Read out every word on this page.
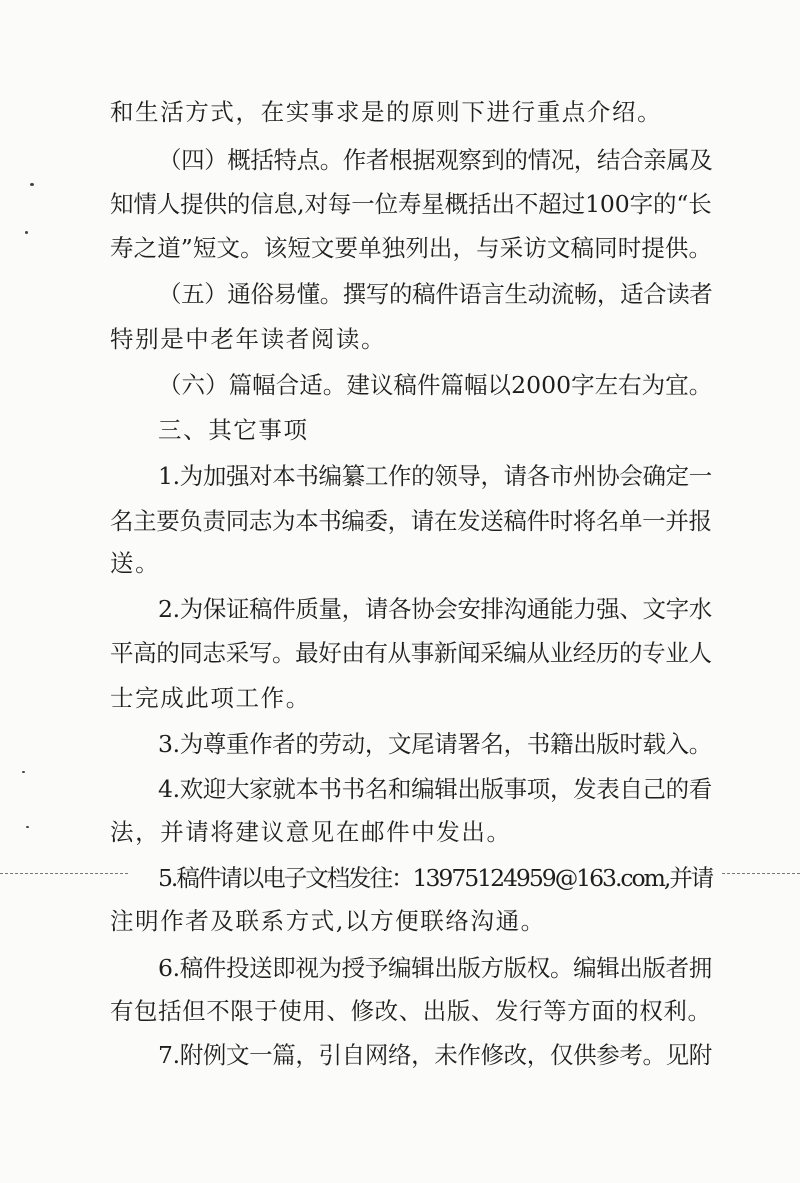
和生活方式，在实事求是的原则下进行重点介绍。
（四）概括特点。作者根据观察到的情况，结合亲属及
知情人提供的信息,对每一位寿星概括出不超过100字的“长
寿之道”短文。该短文要单独列出，与采访文稿同时提供。
（五）通俗易懂。撰写的稿件语言生动流畅，适合读者
特别是中老年读者阅读。
（六）篇幅合适。建议稿件篇幅以2000字左右为宜。
三、其它事项
1.为加强对本书编纂工作的领导，请各市州协会确定一
名主要负责同志为本书编委，请在发送稿件时将名单一并报
送。
2.为保证稿件质量，请各协会安排沟通能力强、文字水
平高的同志采写。最好由有从事新闻采编从业经历的专业人
士完成此项工作。
3.为尊重作者的劳动，文尾请署名，书籍出版时载入。
4.欢迎大家就本书书名和编辑出版事项，发表自己的看
法，并请将建议意见在邮件中发出。
5.稿件请以电子文档发往：13975124959@163.com,并请
注明作者及联系方式,以方便联络沟通。
6.稿件投送即视为授予编辑出版方版权。编辑出版者拥
有包括但不限于使用、修改、出版、发行等方面的权利。
7.附例文一篇，引自网络，未作修改，仅供参考。见附
